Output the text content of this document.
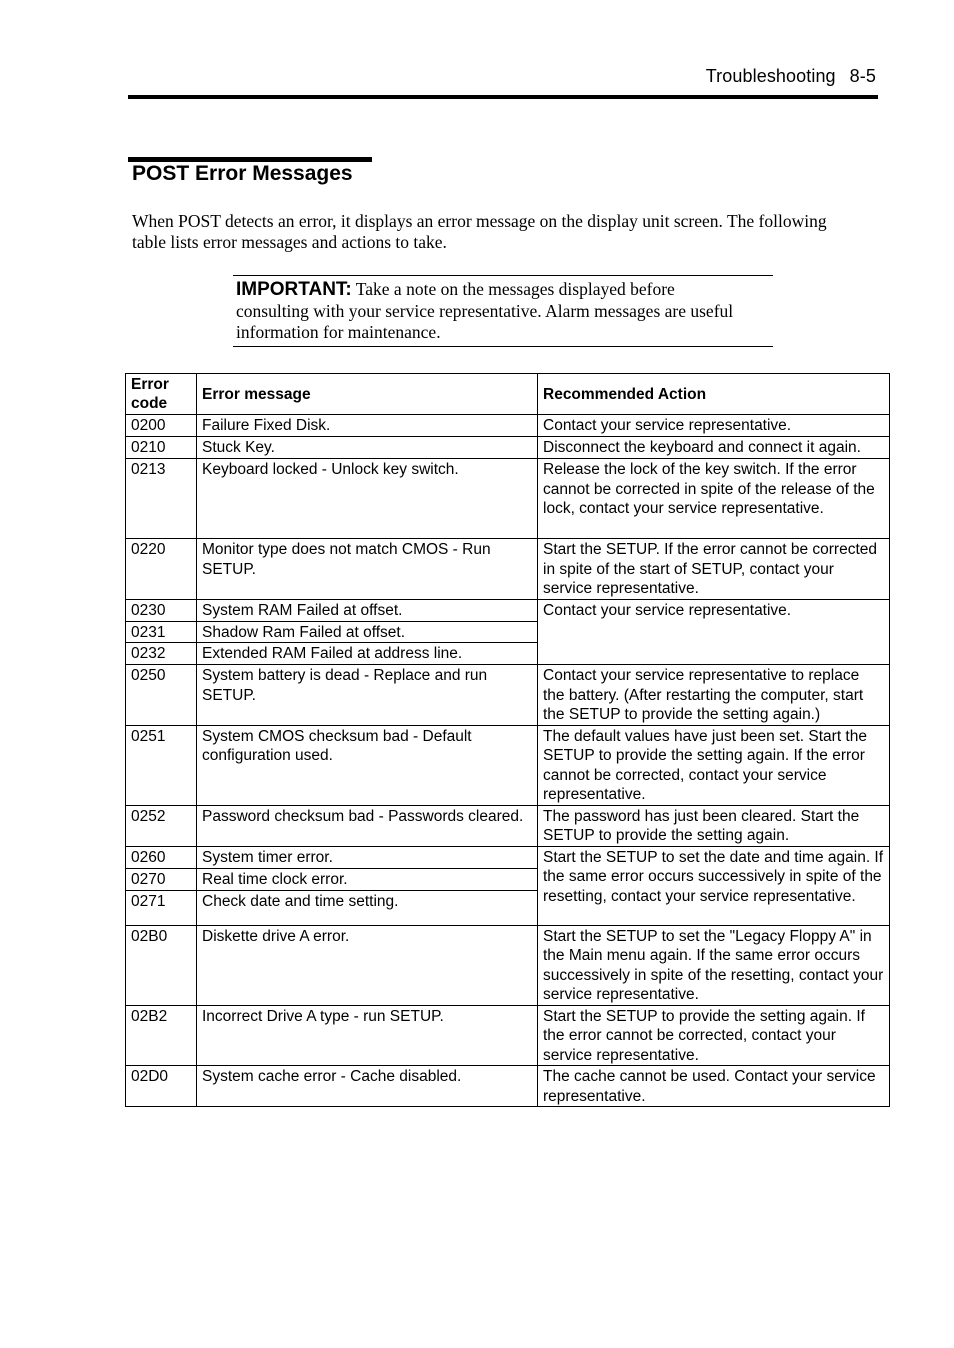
Troubleshooting 8-5
POST Error Messages

When POST detects an error, it displays an error message on the display unit screen. The following table lists error messages and actions to take.

IMPORTANT: Take a note on the messages displayed before consulting with your service representative. Alarm messages are useful information for maintenance.
Error
code	Error message	Recommended Action
0200	Failure Fixed Disk.	Contact your service representative.
0210	Stuck Key.	Disconnect the keyboard and connect it again.
0213	Keyboard locked - Unlock key switch.	Release the lock of the key switch. If the error cannot be corrected in spite of the release of the lock, contact your service representative.
0220	Monitor type does not match CMOS - Run SETUP.	Start the SETUP. If the error cannot be corrected in spite of the start of SETUP, contact your service representative.
0230	System RAM Failed at offset.	Contact your service representative.
0231	Shadow Ram Failed at offset.	
0232	Extended RAM Failed at address line.	
0250	System battery is dead - Replace and run SETUP.	Contact your service representative to replace the battery. (After restarting the computer, start the SETUP to provide the setting again.)
0251	System CMOS checksum bad - Default configuration used.	The default values have just been set. Start the SETUP to provide the setting again. If the error cannot be corrected, contact your service representative.
0252	Password checksum bad - Passwords cleared.	The password has just been cleared. Start the SETUP to provide the setting again.
0260	System timer error.	Start the SETUP to set the date and time again. If the same error occurs successively in spite of the resetting, contact your service representative.
0270	Real time clock error.	
0271	Check date and time setting.	
02B0	Diskette drive A error.	Start the SETUP to set the "Legacy Floppy A" in the Main menu again. If the same error occurs successively in spite of the resetting, contact your service representative.
02B2	Incorrect Drive A type - run SETUP.	Start the SETUP to provide the setting again. If the error cannot be corrected, contact your service representative.
02D0	System cache error - Cache disabled.	The cache cannot be used. Contact your service representative.
